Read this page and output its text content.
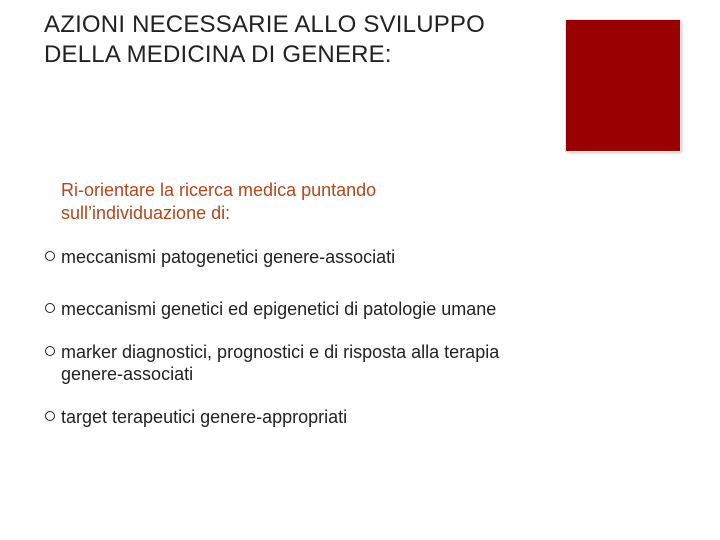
AZIONI NECESSARIE ALLO SVILUPPO DELLA MEDICINA DI GENERE:
Ri-orientare la ricerca medica puntando sull’individuazione di:
meccanismi patogenetici genere-associati
meccanismi genetici ed epigenetici di patologie umane
marker diagnostici, prognostici e di risposta alla terapia genere-associati
target terapeutici genere-appropriati
